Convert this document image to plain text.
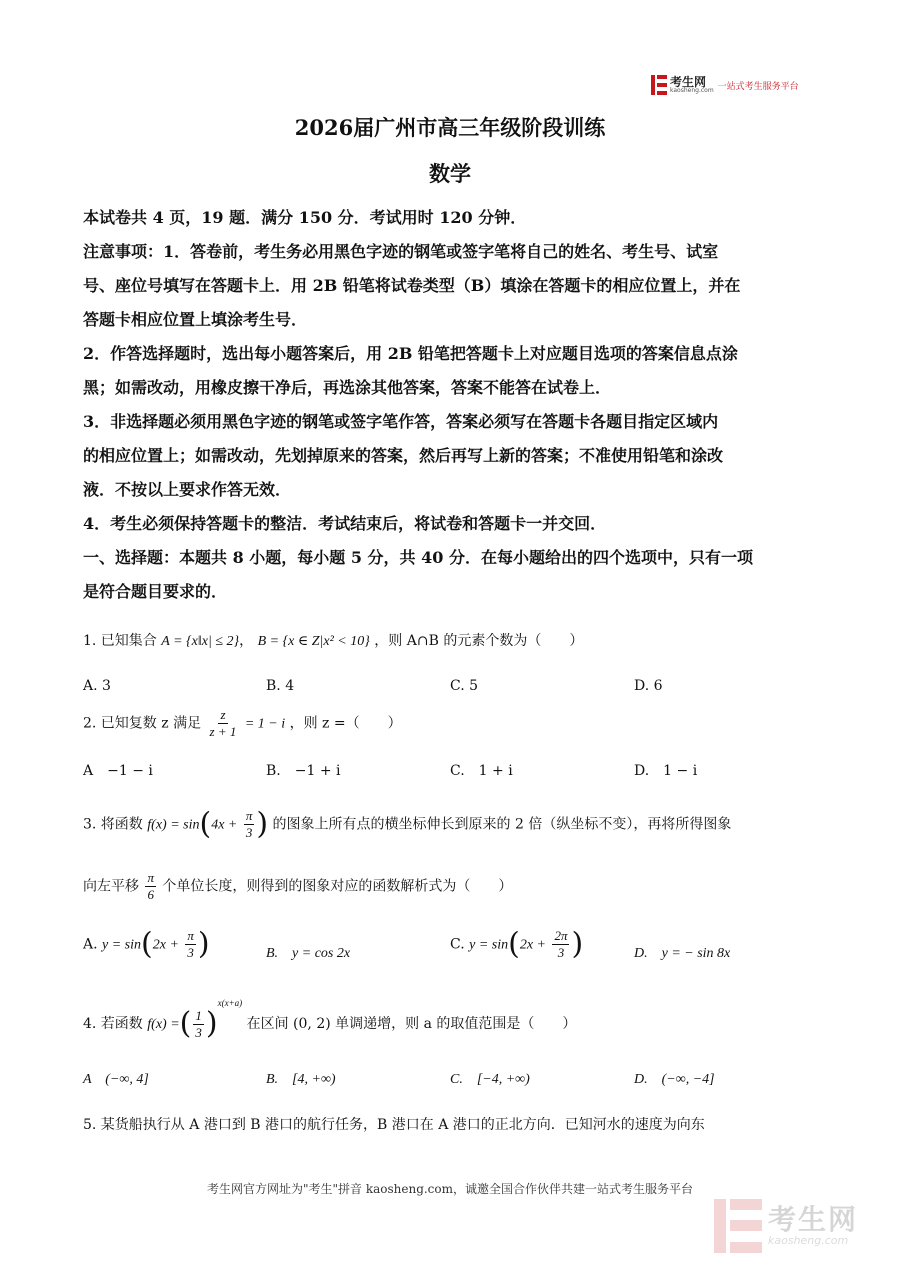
考生网
kaosheng.com 一站式考生服务平台
2026届广州市高三年级阶段训练
数学
本试卷共 4 页，19 题．满分 150 分．考试用时 120 分钟．
注意事项：1．答卷前，考生务必用黑色字迹的钢笔或签字笔将自己的姓名、考生号、试室
号、座位号填写在答题卡上．用 2B 铅笔将试卷类型（B）填涂在答题卡的相应位置上，并在
答题卡相应位置上填涂考生号．
2．作答选择题时，选出每小题答案后，用 2B 铅笔把答题卡上对应题目选项的答案信息点涂
黑；如需改动，用橡皮擦干净后，再选涂其他答案，答案不能答在试卷上．
3．非选择题必须用黑色字迹的钢笔或签字笔作答，答案必须写在答题卡各题目指定区域内
的相应位置上；如需改动，先划掉原来的答案，然后再写上新的答案；不准使用铅笔和涂改
液．不按以上要求作答无效．
4．考生必须保持答题卡的整洁．考试结束后，将试卷和答题卡一并交回．
一、选择题：本题共 8 小题，每小题 5 分，共 40 分．在每小题给出的四个选项中，只有一项
是符合题目要求的．
1. 已知集合 A = {x‖x| ≤ 2}， B = {x ∈ Z|x² < 10} ，则 A∩B 的元素个数为（　　）
A. 3	B. 4	C. 5	D. 6
2. 已知复数 z 满足 $\frac{z}{z + 1} = 1 - i$ ，则 z =（　　）
A　−1 − i	B.　−1 + i	C.　1 + i	D.　1 − i
3. 将函数 $f(x) = \sin(4x + \frac{\pi}{3}$ ) 的图象上所有点的横坐标伸长到原来的 2 倍（纵坐标不变），再将所得图象
向左平移 $\frac{\pi}{6}$ 个单位长度，则得到的图象对应的函数解析式为（　　）
A. $y = \sin(2x + \frac{\pi}{3}$ )	B.　y = cos 2x
C. $y = \sin(2x + \frac{2\pi}{3}$ )	D.　y = − sin 8x
4. 若函数 f(x) =( $\frac{1}{3} )^{x(x+a)}$ 在区间 (0, 2) 单调递增，则 a 的取值范围是（　　）
A　(−∞, 4]	B.　[4, +∞)	C.　[−4, +∞)	D.　(−∞, −4]
5. 某货船执行从 A 港口到 B 港口的航行任务，B 港口在 A 港口的正北方向．已知河水的速度为向东
考生网官方网址为"考生"拼音 kaosheng.com，诚邀全国合作伙伴共建一站式考生服务平台
考生网
kaosheng.com
